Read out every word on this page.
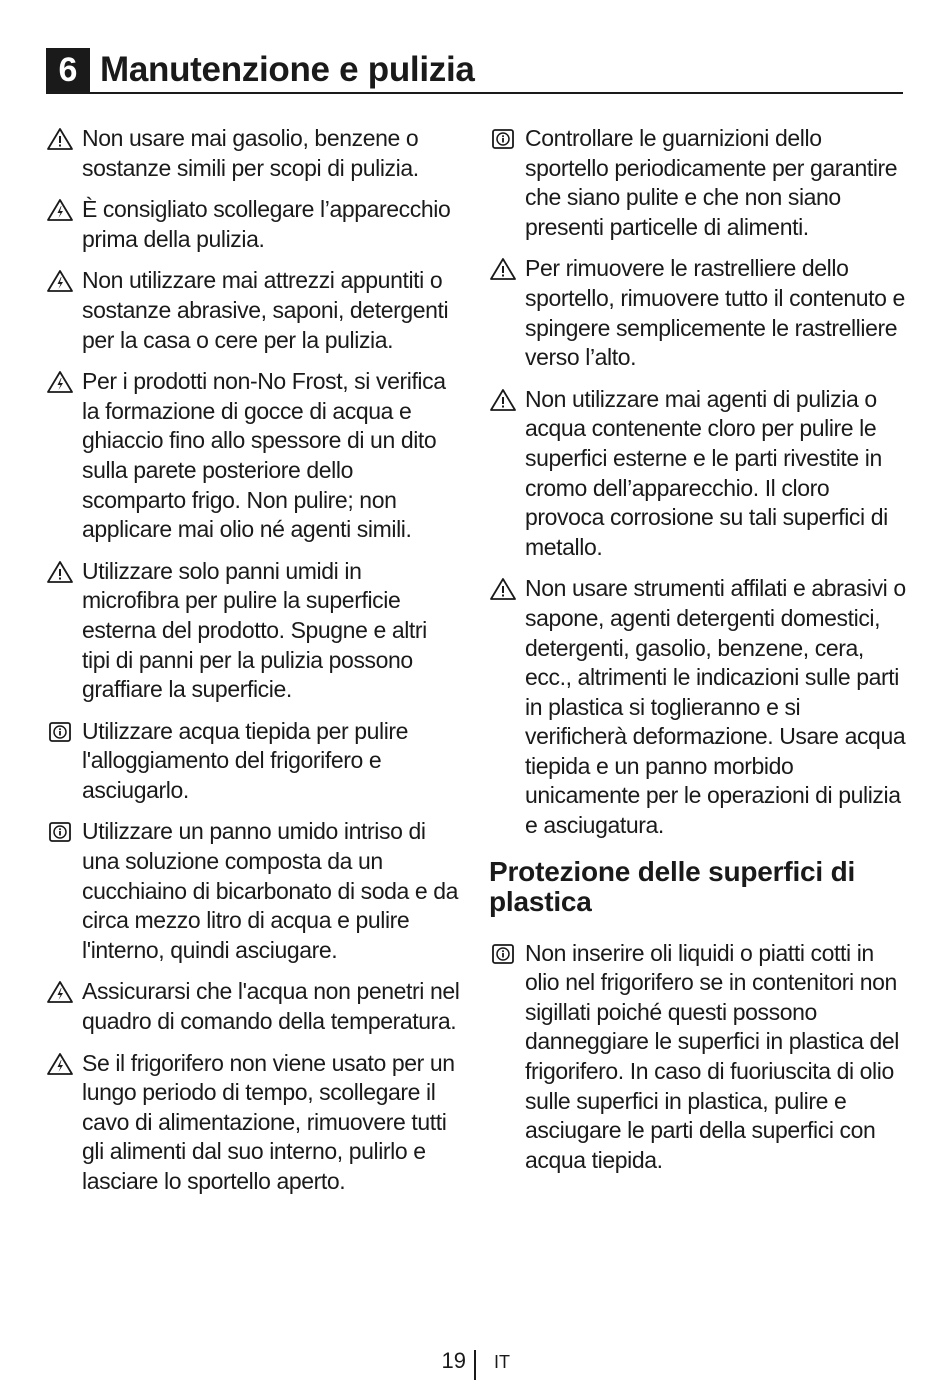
6 Manutenzione e pulizia
Non usare mai gasolio, benzene o sostanze simili per scopi di pulizia.
È consigliato scollegare l’apparecchio prima della pulizia.
Non utilizzare mai attrezzi appuntiti o sostanze abrasive, saponi, detergenti per la casa o cere per la pulizia.
Per i prodotti non-No Frost, si verifica la formazione di gocce di acqua e ghiaccio fino allo spessore di un dito sulla parete posteriore dello scomparto frigo. Non pulire; non applicare mai olio né agenti simili.
Utilizzare solo panni umidi in microfibra per pulire la superficie esterna del prodotto. Spugne e altri tipi di panni per la pulizia possono graffiare la superficie.
Utilizzare acqua tiepida per pulire l'alloggiamento del frigorifero e asciugarlo.
Utilizzare un panno umido intriso di una soluzione composta da un cucchiaino di bicarbonato di soda e da circa mezzo litro di acqua e pulire l'interno, quindi asciugare.
Assicurarsi che l'acqua non penetri nel quadro di comando della temperatura.
Se il frigorifero non viene usato per un lungo periodo di tempo, scollegare il cavo di alimentazione, rimuovere tutti gli alimenti dal suo interno, pulirlo e lasciare lo sportello aperto.
Controllare le guarnizioni dello sportello periodicamente per garantire che siano pulite e che non siano presenti particelle di alimenti.
Per rimuovere le rastrelliere dello sportello, rimuovere tutto il contenuto e spingere semplicemente le rastrelliere verso l’alto.
Non utilizzare mai agenti di pulizia o acqua contenente cloro per pulire le superfici esterne e le parti rivestite in cromo dell’apparecchio. Il cloro provoca corrosione su tali superfici di metallo.
Non usare strumenti affilati e abrasivi o sapone, agenti detergenti domestici, detergenti, gasolio, benzene, cera, ecc., altrimenti le indicazioni sulle parti in plastica si toglieranno e si verificherà deformazione. Usare acqua tiepida e un panno morbido unicamente per le operazioni di pulizia e asciugatura.
Protezione delle superfici di plastica
Non inserire oli liquidi o piatti cotti in olio nel frigorifero se in contenitori non sigillati poiché questi possono danneggiare le superfici in plastica del frigorifero. In caso di fuoriuscita di olio sulle superfici in plastica, pulire e asciugare le parti della superfici con acqua tiepida.
19 IT
